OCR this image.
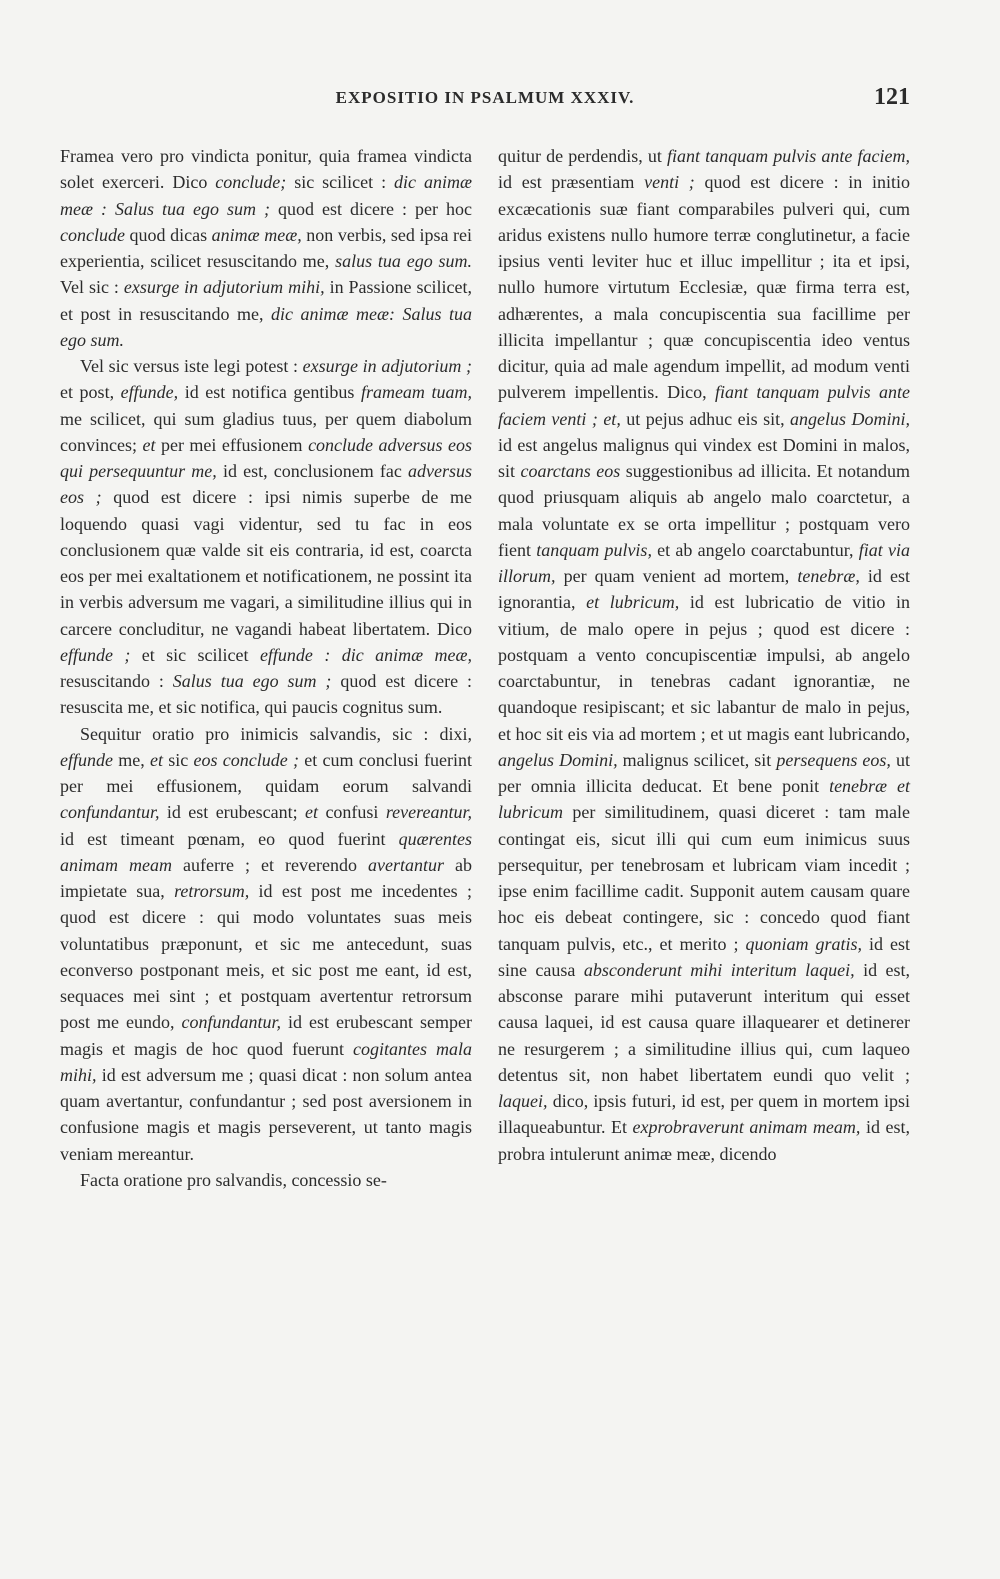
EXPOSITIO IN PSALMUM XXXIV.	121

Framea vero pro vindicta ponitur, quia framea vindicta solet exerceri. Dico conclude; sic scilicet : dic animæ meæ : Salus tua ego sum ; quod est dicere : per hoc conclude quod dicas animæ meæ, non verbis, sed ipsa rei experientia, scilicet resuscitando me, salus tua ego sum. Vel sic : exsurge in adjutorium mihi, in Passione scilicet, et post in resuscitando me, dic animæ meæ: Salus tua ego sum.

Vel sic versus iste legi potest : exsurge in adjutorium ; et post, effunde, id est notifica gentibus frameam tuam, me scilicet, qui sum gladius tuus, per quem diabolum convinces; et per mei effusionem conclude adversus eos qui persequuntur me, id est, conclusionem fac adversus eos ; quod est dicere : ipsi nimis superbe de me loquendo quasi vagi videntur, sed tu fac in eos conclusionem quæ valde sit eis contraria, id est, coarcta eos per mei exaltationem et notificationem, ne possint ita in verbis adversum me vagari, a similitudine illius qui in carcere concluditur, ne vagandi habeat libertatem. Dico effunde ; et sic scilicet effunde : dic animæ meæ, resuscitando : Salus tua ego sum ; quod est dicere : resuscita me, et sic notifica, qui paucis cognitus sum.

Sequitur oratio pro inimicis salvandis, sic : dixi, effunde me, et sic eos conclude ; et cum conclusi fuerint per mei effusionem, quidam eorum salvandi confundantur, id est erubescant; et confusi revereantur, id est timeant pœnam, eo quod fuerint quærentes animam meam auferre ; et reverendo avertantur ab impietate sua, retrorsum, id est post me incedentes ; quod est dicere : qui modo voluntates suas meis voluntatibus præponunt, et sic me antecedunt, suas econverso postponant meis, et sic post me eant, id est, sequaces mei sint ; et postquam avertentur retrorsum post me eundo, confundantur, id est erubescant semper magis et magis de hoc quod fuerunt cogitantes mala mihi, id est adversum me ; quasi dicat : non solum antea quam avertantur, confundantur ; sed post aversionem in confusione magis et magis perseverent, ut tanto magis veniam mereantur.

Facta oratione pro salvandis, concessio se-

quitur de perdendis, ut fiant tanquam pulvis ante faciem, id est præsentiam venti ; quod est dicere : in initio excæcationis suæ fiant comparabiles pulveri qui, cum aridus existens nullo humore terræ conglutinetur, a facie ipsius venti leviter huc et illuc impellitur ; ita et ipsi, nullo humore virtutum Ecclesiæ, quæ firma terra est, adhærentes, a mala concupiscentia sua facillime per illicita impellantur ; quæ concupiscentia ideo ventus dicitur, quia ad male agendum impellit, ad modum venti pulverem impellentis. Dico, fiant tanquam pulvis ante faciem venti ; et, ut pejus adhuc eis sit, angelus Domini, id est angelus malignus qui vindex est Domini in malos, sit coarctans eos suggestionibus ad illicita. Et notandum quod priusquam aliquis ab angelo malo coarctetur, a mala voluntate ex se orta impellitur ; postquam vero fient tanquam pulvis, et ab angelo coarctabuntur, fiat via illorum, per quam venient ad mortem, tenebræ, id est ignorantia, et lubricum, id est lubricatio de vitio in vitium, de malo opere in pejus ; quod est dicere : postquam a vento concupiscentiæ impulsi, ab angelo coarctabuntur, in tenebras cadant ignorantiæ, ne quandoque resipiscant; et sic labantur de malo in pejus, et hoc sit eis via ad mortem ; et ut magis eant lubricando, angelus Domini, malignus scilicet, sit persequens eos, ut per omnia illicita deducat. Et bene ponit tenebræ et lubricum per similitudinem, quasi diceret : tam male contingat eis, sicut illi qui cum eum inimicus suus persequitur, per tenebrosam et lubricam viam incedit ; ipse enim facillime cadit. Supponit autem causam quare hoc eis debeat contingere, sic : concedo quod fiant tanquam pulvis, etc., et merito ; quoniam gratis, id est sine causa absconderunt mihi interitum laquei, id est, absconse parare mihi putaverunt interitum qui esset causa laquei, id est causa quare illaquearer et detinerer ne resurgerem ; a similitudine illius qui, cum laqueo detentus sit, non habet libertatem eundi quo velit ; laquei, dico, ipsis futuri, id est, per quem in mortem ipsi illaqueabuntur. Et exprobraverunt animam meam, id est, probra intulerunt animæ meæ, dicendo
